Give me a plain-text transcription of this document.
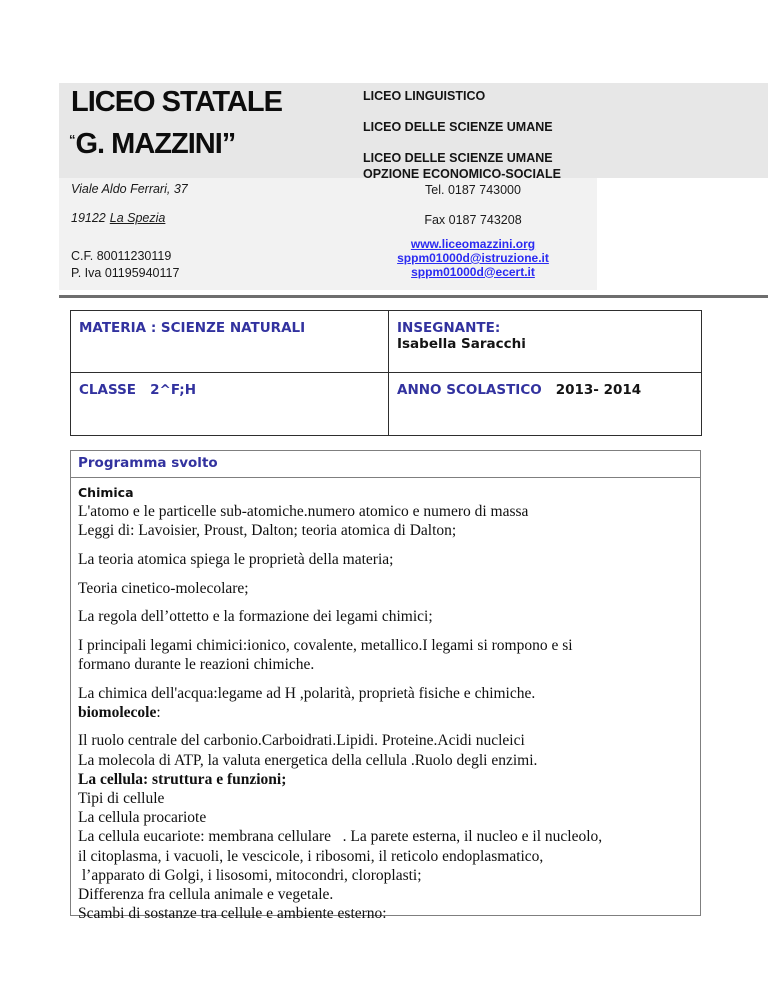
LICEO STATALE
“G. MAZZINI”
LICEO LINGUISTICO
LICEO DELLE SCIENZE UMANE
LICEO DELLE SCIENZE UMANE
OPZIONE ECONOMICO-SOCIALE
Viale Aldo Ferrari, 37
19122 La Spezia
C.F. 80011230119
P. Iva 01195940117
Tel. 0187 743000
Fax 0187 743208
www.liceomazzini.org
sppm01000d@istruzione.it
sppm01000d@ecert.it
MATERIA : SCIENZE NATURALI	INSEGNANTE:
Isabella Saracchi

CLASSE   2^F;H	ANNO SCOLASTICO 2013- 2014
Programma svolto
Chimica
L'atomo e le particelle sub-atomiche.numero atomico e numero di massa
Leggi di: Lavoisier, Proust, Dalton; teoria atomica di Dalton;
La teoria atomica spiega le proprietà della materia;
Teoria cinetico-molecolare;
La regola dell’ottetto e la formazione dei legami chimici;
I principali legami chimici:ionico, covalente, metallico.I legami si rompono e si
formano durante le reazioni chimiche.
La chimica dell'acqua:legame ad H ,polarità, proprietà fisiche e chimiche.
biomolecole:
Il ruolo centrale del carbonio.Carboidrati.Lipidi. Proteine.Acidi nucleici
La molecola di ATP, la valuta energetica della cellula .Ruolo degli enzimi.
La cellula: struttura e funzioni;
Tipi di cellule
La cellula procariote
La cellula eucariote: membrana cellulare   . La parete esterna, il nucleo e il nucleolo,
il citoplasma, i vacuoli, le vescicole, i ribosomi, il reticolo endoplasmatico,
l’apparato di Golgi, i lisosomi, mitocondri, cloroplasti;
Differenza fra cellula animale e vegetale.
Scambi di sostanze tra cellule e ambiente esterno:
